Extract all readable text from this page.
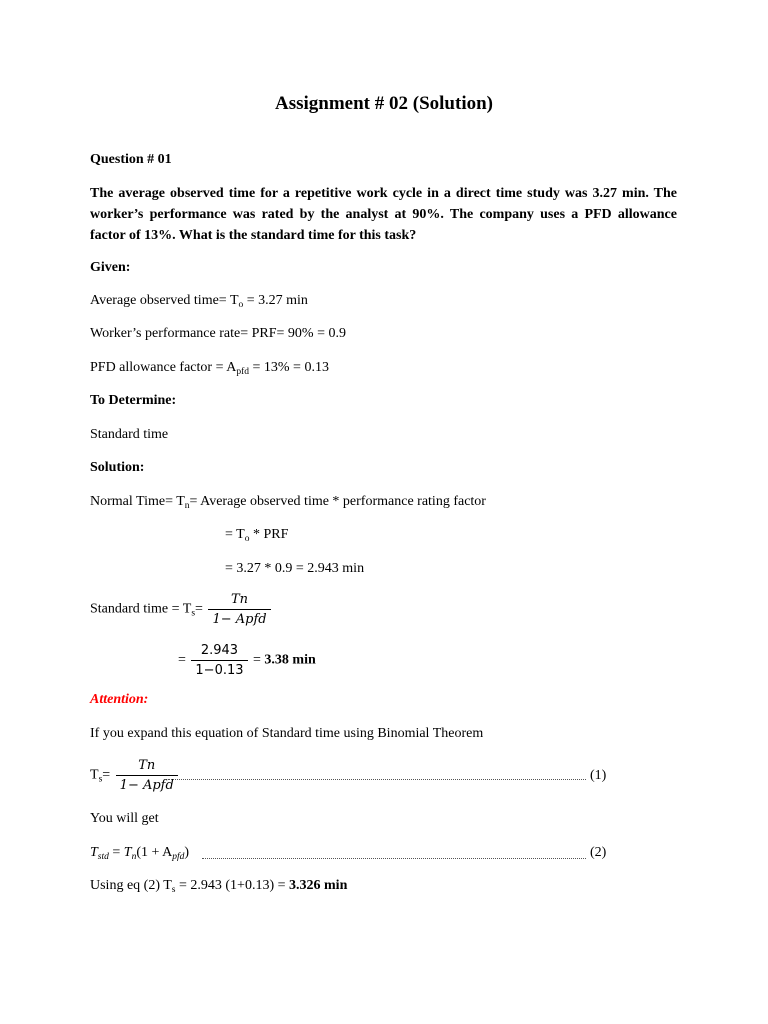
Assignment # 02 (Solution)
Question # 01
The average observed time for a repetitive work cycle in a direct time study was 3.27 min. The worker’s performance was rated by the analyst at 90%. The company uses a PFD allowance factor of 13%. What is the standard time for this task?
Given:
Average observed time= $T_o = 3.27$ min
Worker’s performance rate= PRF= 90% = 0.9
PFD allowance factor = $A_{pfd} = 13\% = 0.13$
To Determine:
Standard time
Solution:
Normal Time= $T_n=$ Average observed time * performance rating factor
= $T_o$ * PRF
= 3.27 * 0.9 = 2.943 min
Standard time = $T_s= \frac{Tn}{\text{1− Apfd}}$
= $\frac{2.943}{1-0.13} = 3.38$ min
Attention:
If you expand this equation of Standard time using Binomial Theorem
$T_s= \frac{Tn}{\text{1− Apfd}}$	(1)
You will get
$T_{std} = T_n(1 + A_{pfd})$	(2)
Using eq (2) $T_s = 2.943$ (1+0.13) = 3.326 min
